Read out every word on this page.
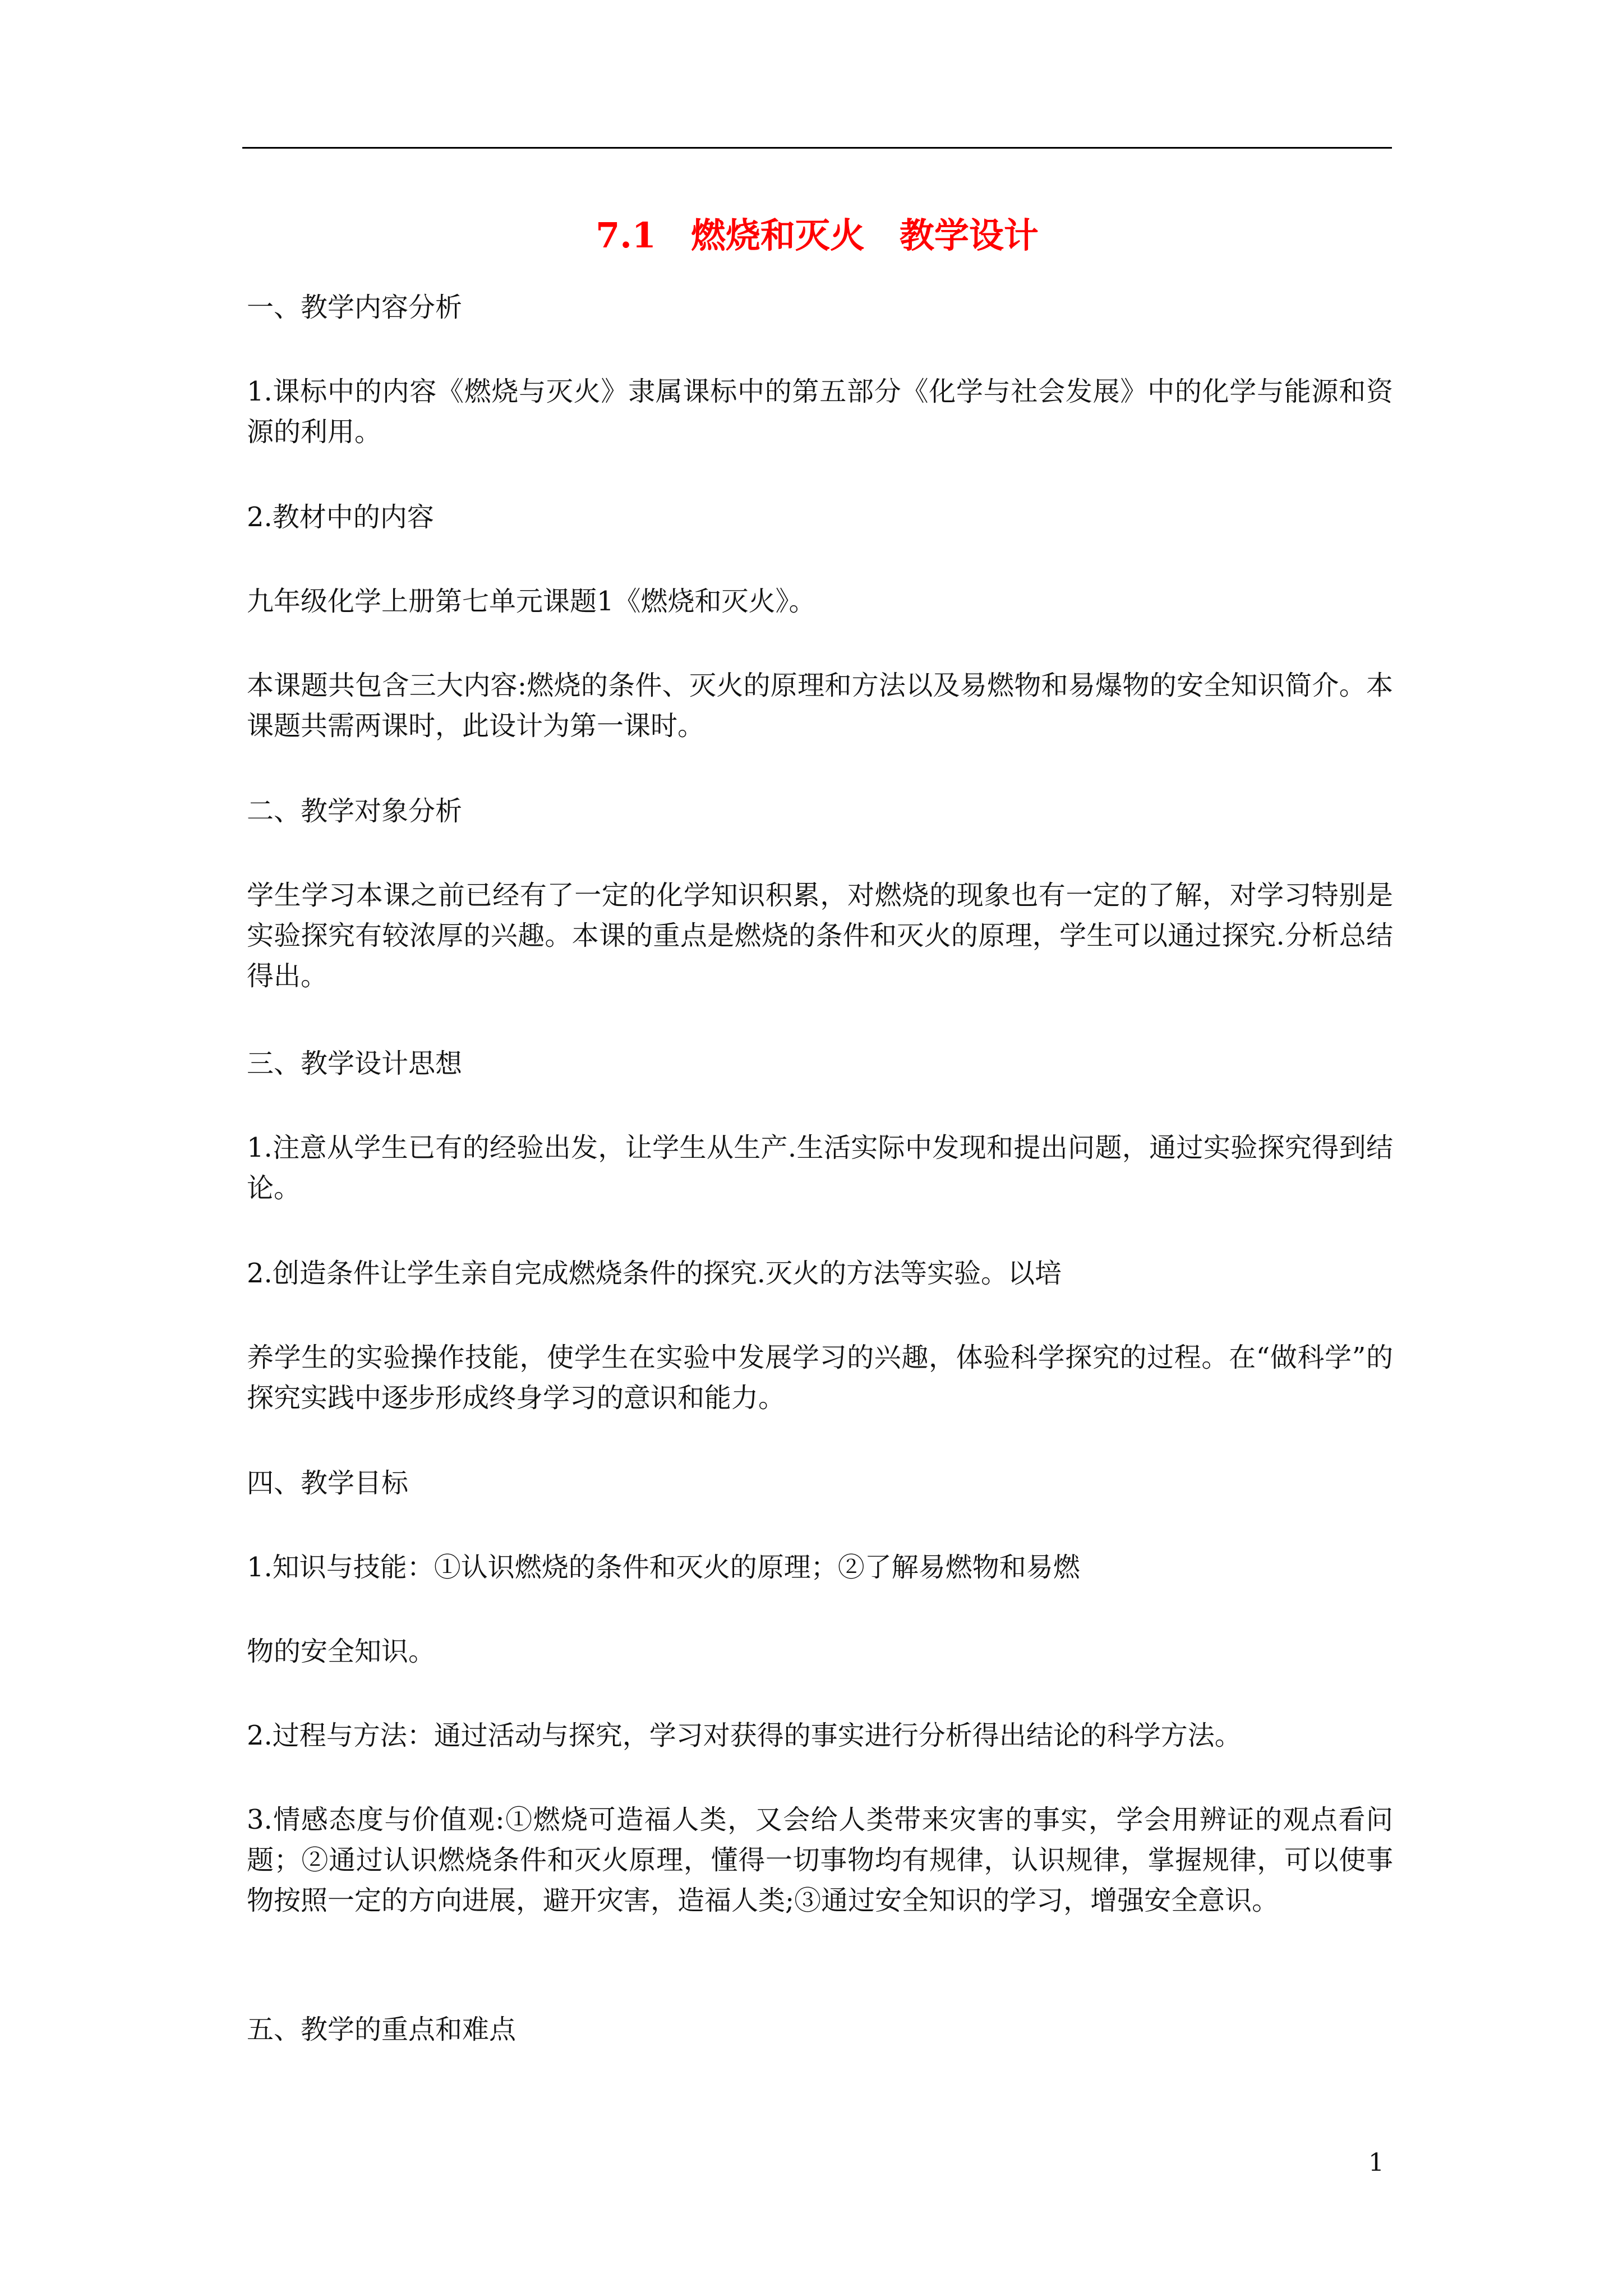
7.1　燃烧和灭火　教学设计

一、教学内容分析

1.课标中的内容《燃烧与灭火》隶属课标中的第五部分《化学与社会发展》中的化学与能源和资源的利用。

2.教材中的内容

九年级化学上册第七单元课题1《燃烧和灭火》。

本课题共包含三大内容:燃烧的条件、灭火的原理和方法以及易燃物和易爆物的安全知识简介。本课题共需两课时，此设计为第一课时。

二、教学对象分析

学生学习本课之前已经有了一定的化学知识积累，对燃烧的现象也有一定的了解，对学习特别是实验探究有较浓厚的兴趣。本课的重点是燃烧的条件和灭火的原理，学生可以通过探究.分析总结得出。

三、教学设计思想

1.注意从学生已有的经验出发，让学生从生产.生活实际中发现和提出问题，通过实验探究得到结论。

2.创造条件让学生亲自完成燃烧条件的探究.灭火的方法等实验。以培

养学生的实验操作技能，使学生在实验中发展学习的兴趣，体验科学探究的过程。在“做科学”的探究实践中逐步形成终身学习的意识和能力。

四、教学目标

1.知识与技能：①认识燃烧的条件和灭火的原理；②了解易燃物和易燃

物的安全知识。

2.过程与方法：通过活动与探究，学习对获得的事实进行分析得出结论的科学方法。

3.情感态度与价值观:①燃烧可造福人类，又会给人类带来灾害的事实，学会用辨证的观点看问题；②通过认识燃烧条件和灭火原理，懂得一切事物均有规律，认识规律，掌握规律，可以使事物按照一定的方向进展，避开灾害，造福人类;③通过安全知识的学习，增强安全意识。

五、教学的重点和难点

1
